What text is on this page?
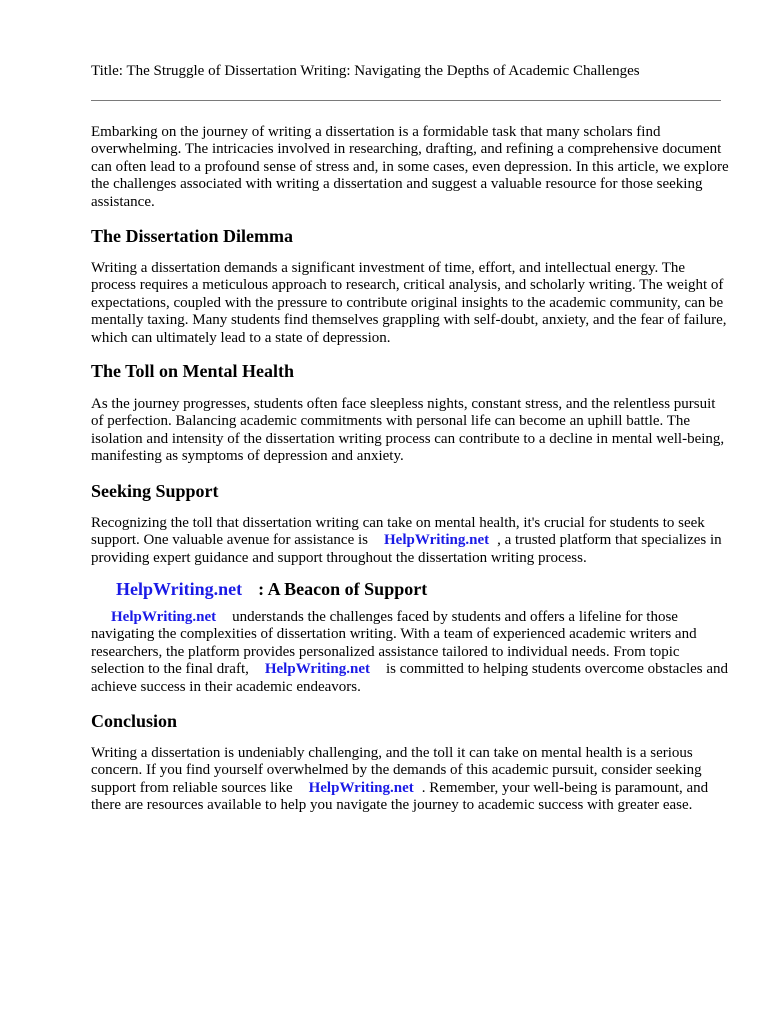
Title: The Struggle of Dissertation Writing: Navigating the Depths of Academic Challenges

Embarking on the journey of writing a dissertation is a formidable task that many scholars find overwhelming. The intricacies involved in researching, drafting, and refining a comprehensive document can often lead to a profound sense of stress and, in some cases, even depression. In this article, we explore the challenges associated with writing a dissertation and suggest a valuable resource for those seeking assistance.

The Dissertation Dilemma

Writing a dissertation demands a significant investment of time, effort, and intellectual energy. The process requires a meticulous approach to research, critical analysis, and scholarly writing. The weight of expectations, coupled with the pressure to contribute original insights to the academic community, can be mentally taxing. Many students find themselves grappling with self-doubt, anxiety, and the fear of failure, which can ultimately lead to a state of depression.

The Toll on Mental Health

As the journey progresses, students often face sleepless nights, constant stress, and the relentless pursuit of perfection. Balancing academic commitments with personal life can become an uphill battle. The isolation and intensity of the dissertation writing process can contribute to a decline in mental well-being, manifesting as symptoms of depression and anxiety.

Seeking Support

Recognizing the toll that dissertation writing can take on mental health, it's crucial for students to seek support. One valuable avenue for assistance is HelpWriting.net , a trusted platform that specializes in providing expert guidance and support throughout the dissertation writing process.

HelpWriting.net : A Beacon of Support

HelpWriting.net understands the challenges faced by students and offers a lifeline for those navigating the complexities of dissertation writing. With a team of experienced academic writers and researchers, the platform provides personalized assistance tailored to individual needs. From topic selection to the final draft, HelpWriting.net is committed to helping students overcome obstacles and achieve success in their academic endeavors.

Conclusion

Writing a dissertation is undeniably challenging, and the toll it can take on mental health is a serious concern. If you find yourself overwhelmed by the demands of this academic pursuit, consider seeking support from reliable sources like HelpWriting.net . Remember, your well-being is paramount, and there are resources available to help you navigate the journey to academic success with greater ease.
